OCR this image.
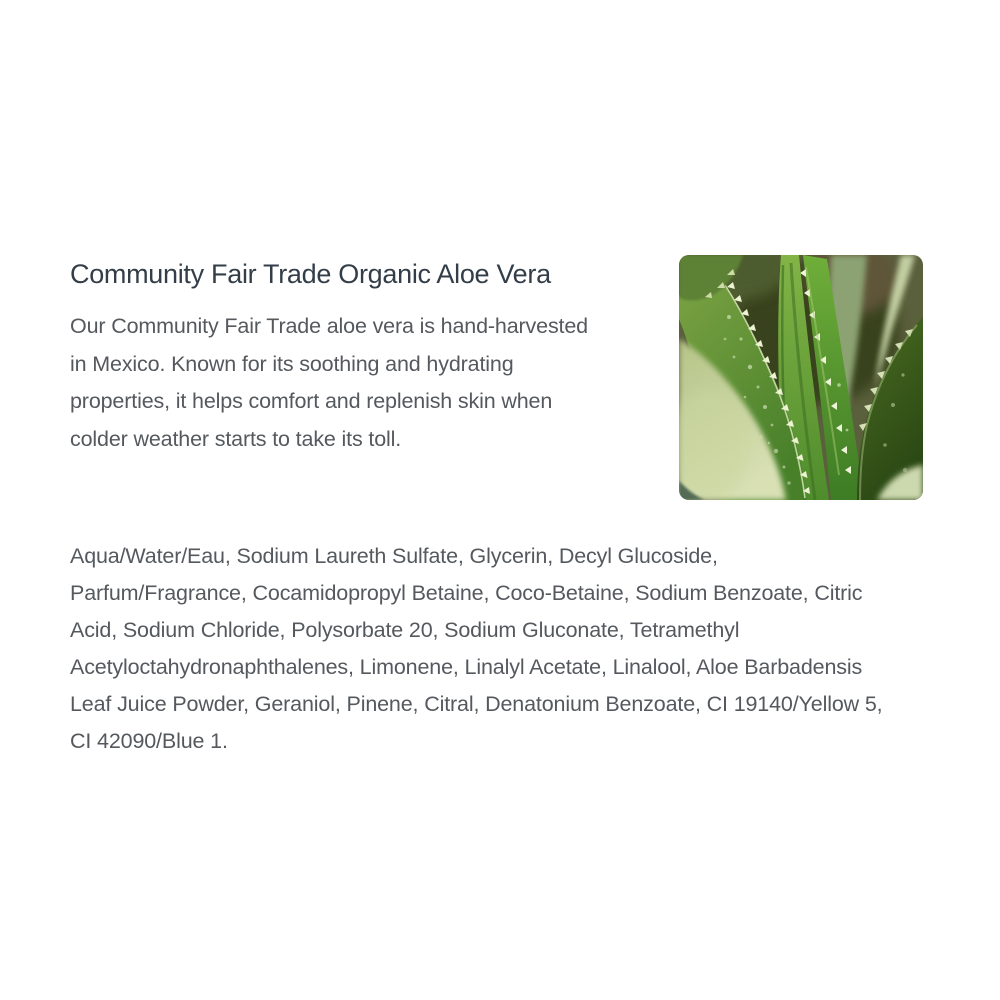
Community Fair Trade Organic Aloe Vera
Our Community Fair Trade aloe vera is hand-harvested
in Mexico. Known for its soothing and hydrating
properties, it helps comfort and replenish skin when
colder weather starts to take its toll.
Aqua/Water/Eau, Sodium Laureth Sulfate, Glycerin, Decyl Glucoside,
Parfum/Fragrance, Cocamidopropyl Betaine, Coco-Betaine, Sodium Benzoate, Citric
Acid, Sodium Chloride, Polysorbate 20, Sodium Gluconate, Tetramethyl
Acetyloctahydronaphthalenes, Limonene, Linalyl Acetate, Linalool, Aloe Barbadensis
Leaf Juice Powder, Geraniol, Pinene, Citral, Denatonium Benzoate, CI 19140/Yellow 5,
CI 42090/Blue 1.
